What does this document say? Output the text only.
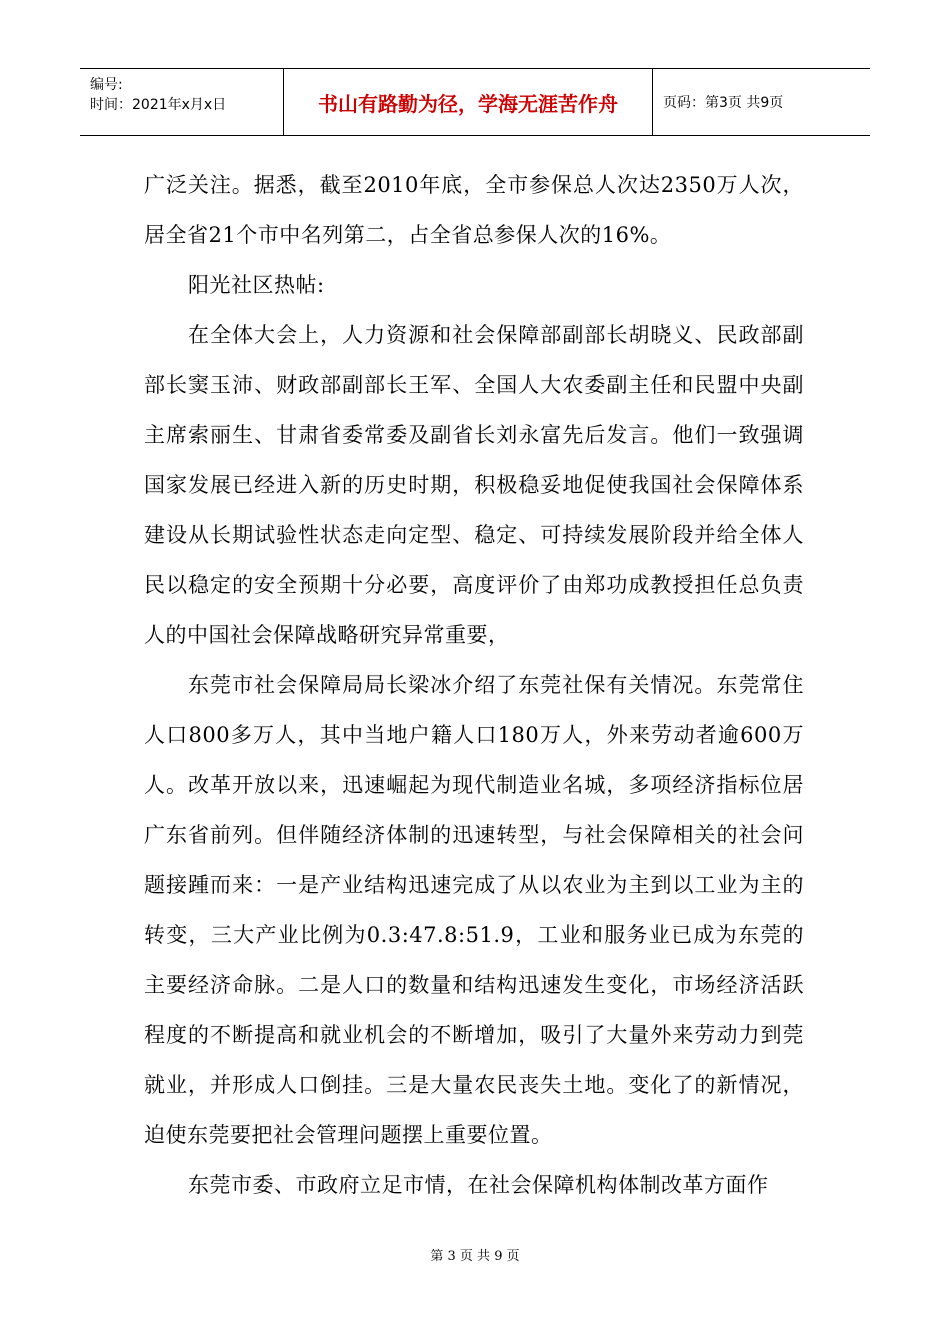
编号:
时间：2021年x月x日	书山有路勤为径，学海无涯苦作舟	页码：第3页 共9页

广泛关注。据悉，截至2010年底，全市参保总人次达2350万人次，居全省21个市中名列第二，占全省总参保人次的16%。

阳光社区热帖:

在全体大会上，人力资源和社会保障部副部长胡晓义、民政部副部长窦玉沛、财政部副部长王军、全国人大农委副主任和民盟中央副主席索丽生、甘肃省委常委及副省长刘永富先后发言。他们一致强调国家发展已经进入新的历史时期，积极稳妥地促使我国社会保障体系建设从长期试验性状态走向定型、稳定、可持续发展阶段并给全体人民以稳定的安全预期十分必要，高度评价了由郑功成教授担任总负责人的中国社会保障战略研究异常重要，

东莞市社会保障局局长梁冰介绍了东莞社保有关情况。东莞常住人口800多万人，其中当地户籍人口180万人，外来劳动者逾600万人。改革开放以来，迅速崛起为现代制造业名城，多项经济指标位居广东省前列。但伴随经济体制的迅速转型，与社会保障相关的社会问题接踵而来：一是产业结构迅速完成了从以农业为主到以工业为主的转变，三大产业比例为0.3:47.8:51.9，工业和服务业已成为东莞的主要经济命脉。二是人口的数量和结构迅速发生变化，市场经济活跃程度的不断提高和就业机会的不断增加，吸引了大量外来劳动力到莞就业，并形成人口倒挂。三是大量农民丧失土地。变化了的新情况，迫使东莞要把社会管理问题摆上重要位置。

东莞市委、市政府立足市情，在社会保障机构体制改革方面作

第 3 页 共 9 页
